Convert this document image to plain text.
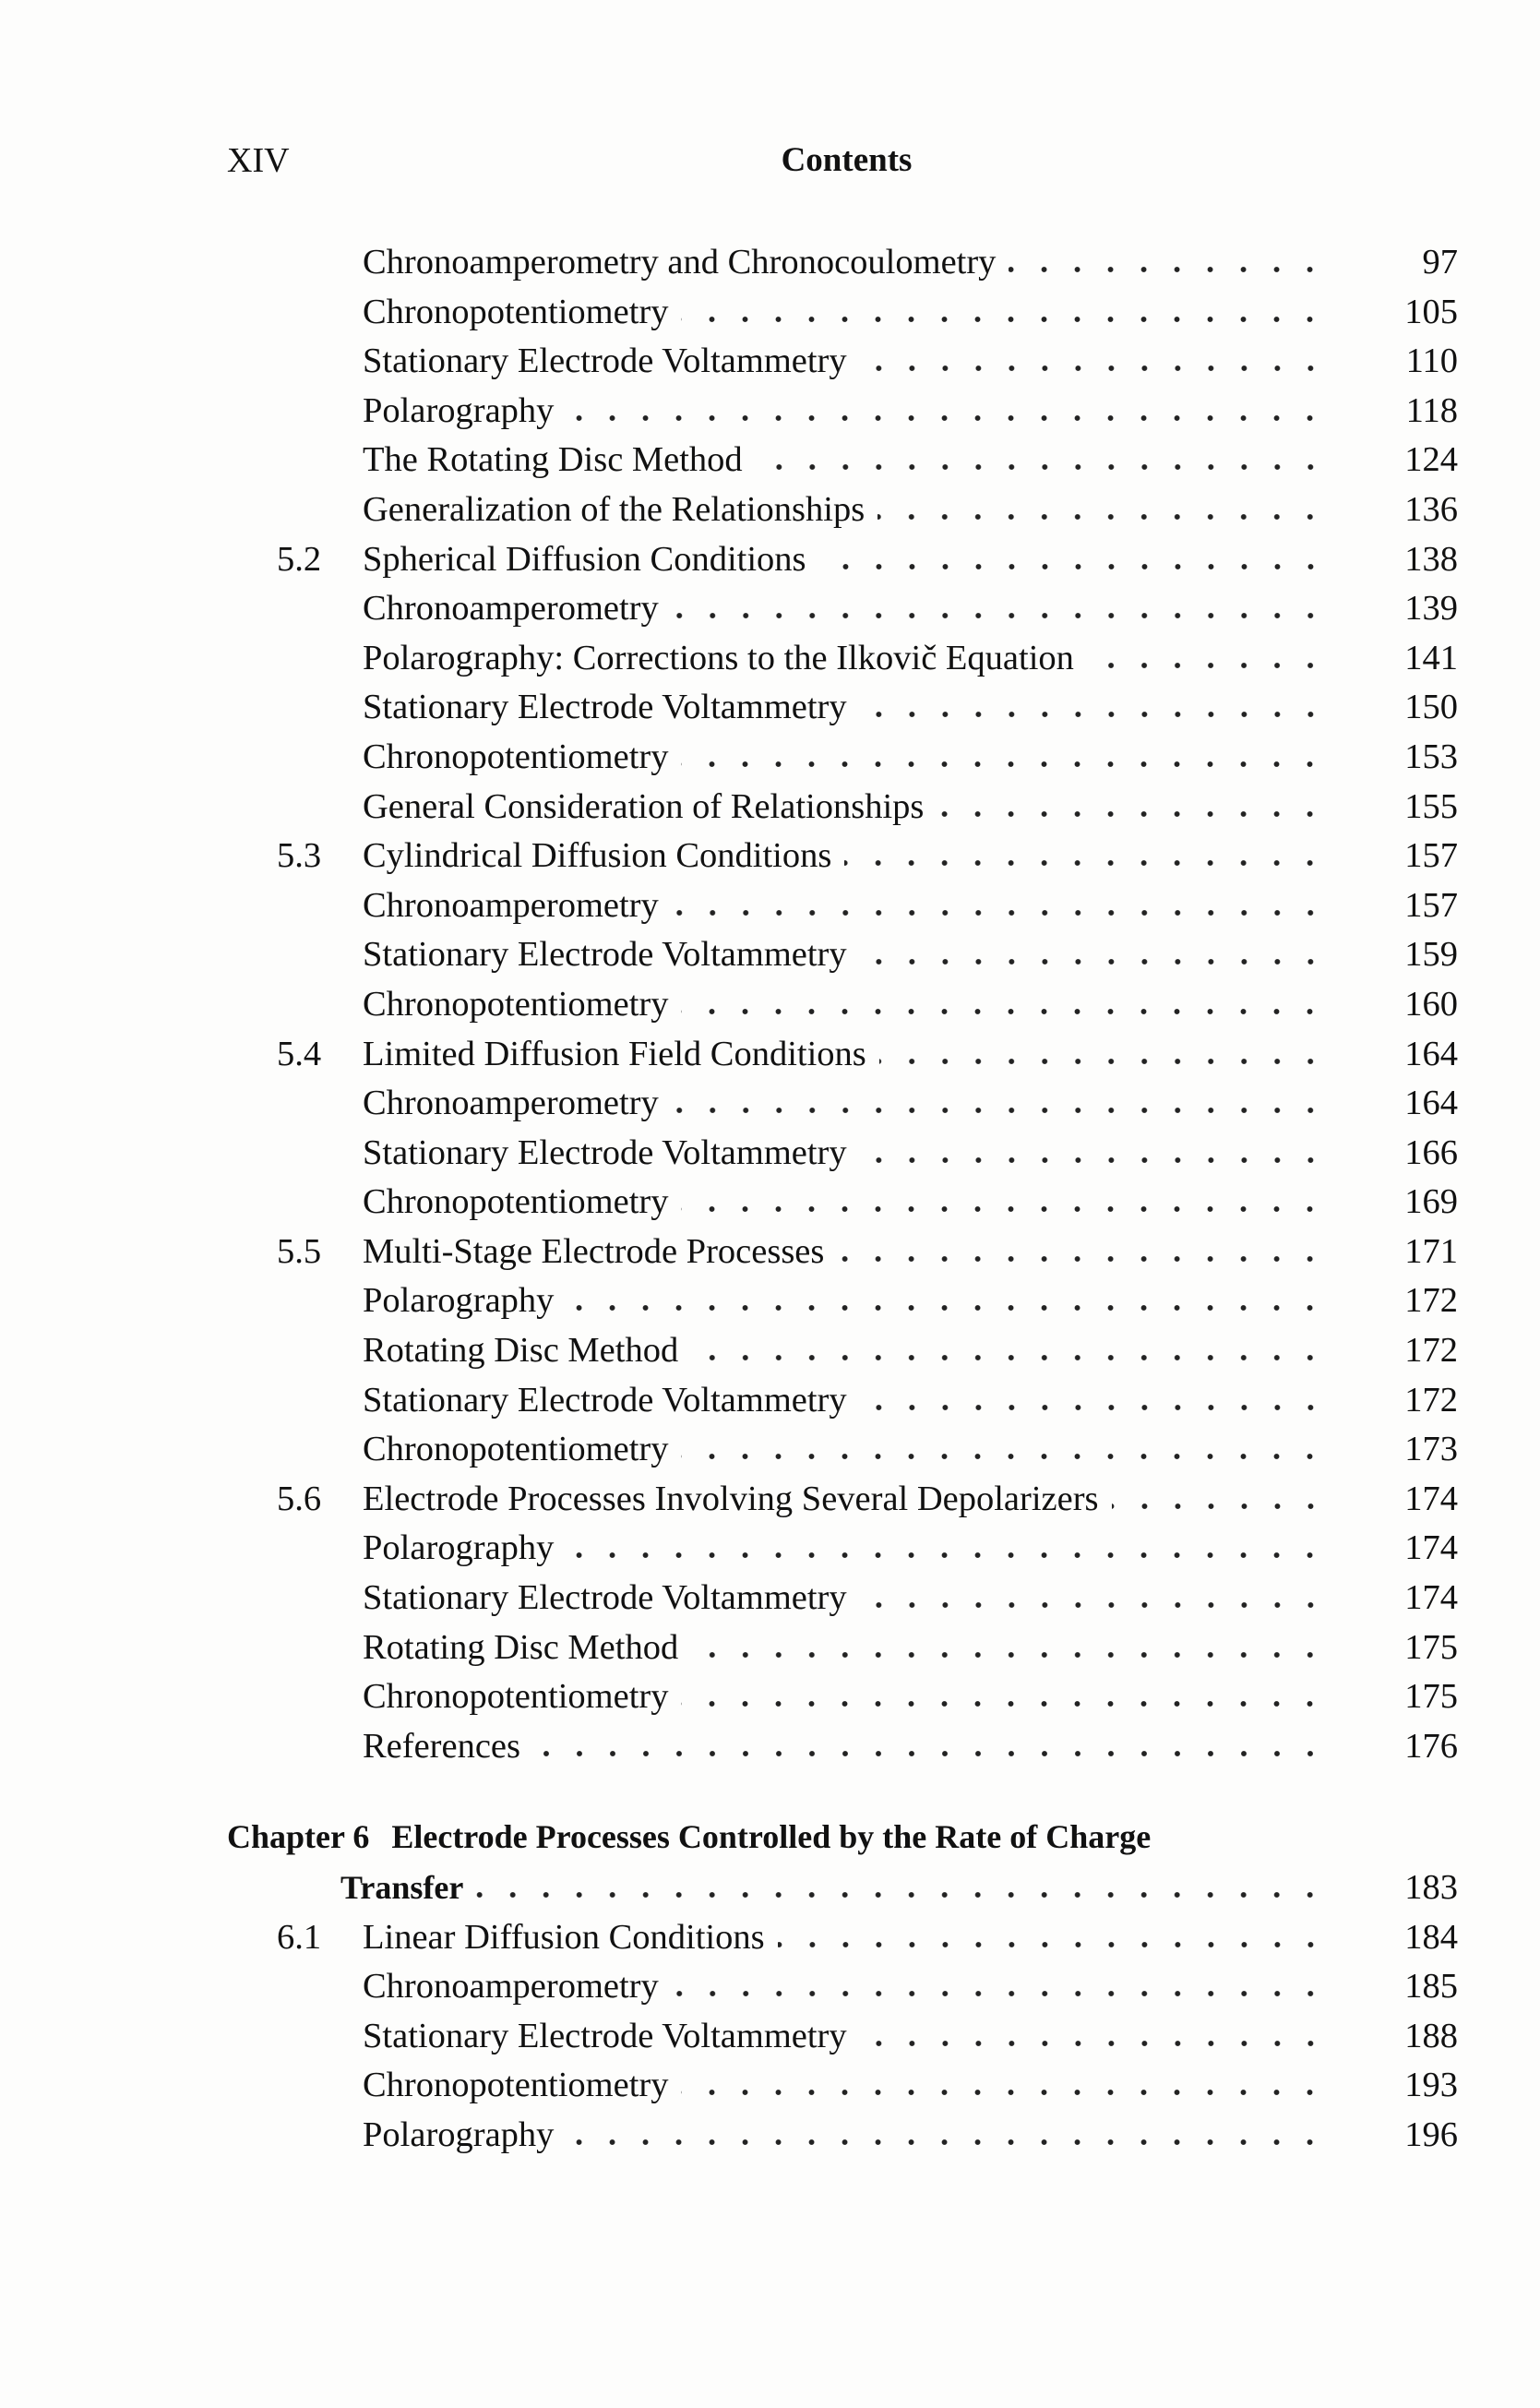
XIV	Contents
Chronoamperometry and Chronocoulometry	97
Chronopotentiometry	105
Stationary Electrode Voltammetry	110
Polarography	118
The Rotating Disc Method	124
Generalization of the Relationships	136
5.2	Spherical Diffusion Conditions	138
Chronoamperometry	139
Polarography: Corrections to the Ilkovič Equation	141
Stationary Electrode Voltammetry	150
Chronopotentiometry	153
General Consideration of Relationships	155
5.3	Cylindrical Diffusion Conditions	157
Chronoamperometry	157
Stationary Electrode Voltammetry	159
Chronopotentiometry	160
5.4	Limited Diffusion Field Conditions	164
Chronoamperometry	164
Stationary Electrode Voltammetry	166
Chronopotentiometry	169
5.5	Multi-Stage Electrode Processes	171
Polarography	172
Rotating Disc Method	172
Stationary Electrode Voltammetry	172
Chronopotentiometry	173
5.6	Electrode Processes Involving Several Depolarizers	174
Polarography	174
Stationary Electrode Voltammetry	174
Rotating Disc Method	175
Chronopotentiometry	175
References	176
Chapter 6 Electrode Processes Controlled by the Rate of Charge
Transfer	183
6.1	Linear Diffusion Conditions	184
Chronoamperometry	185
Stationary Electrode Voltammetry	188
Chronopotentiometry	193
Polarography	196
